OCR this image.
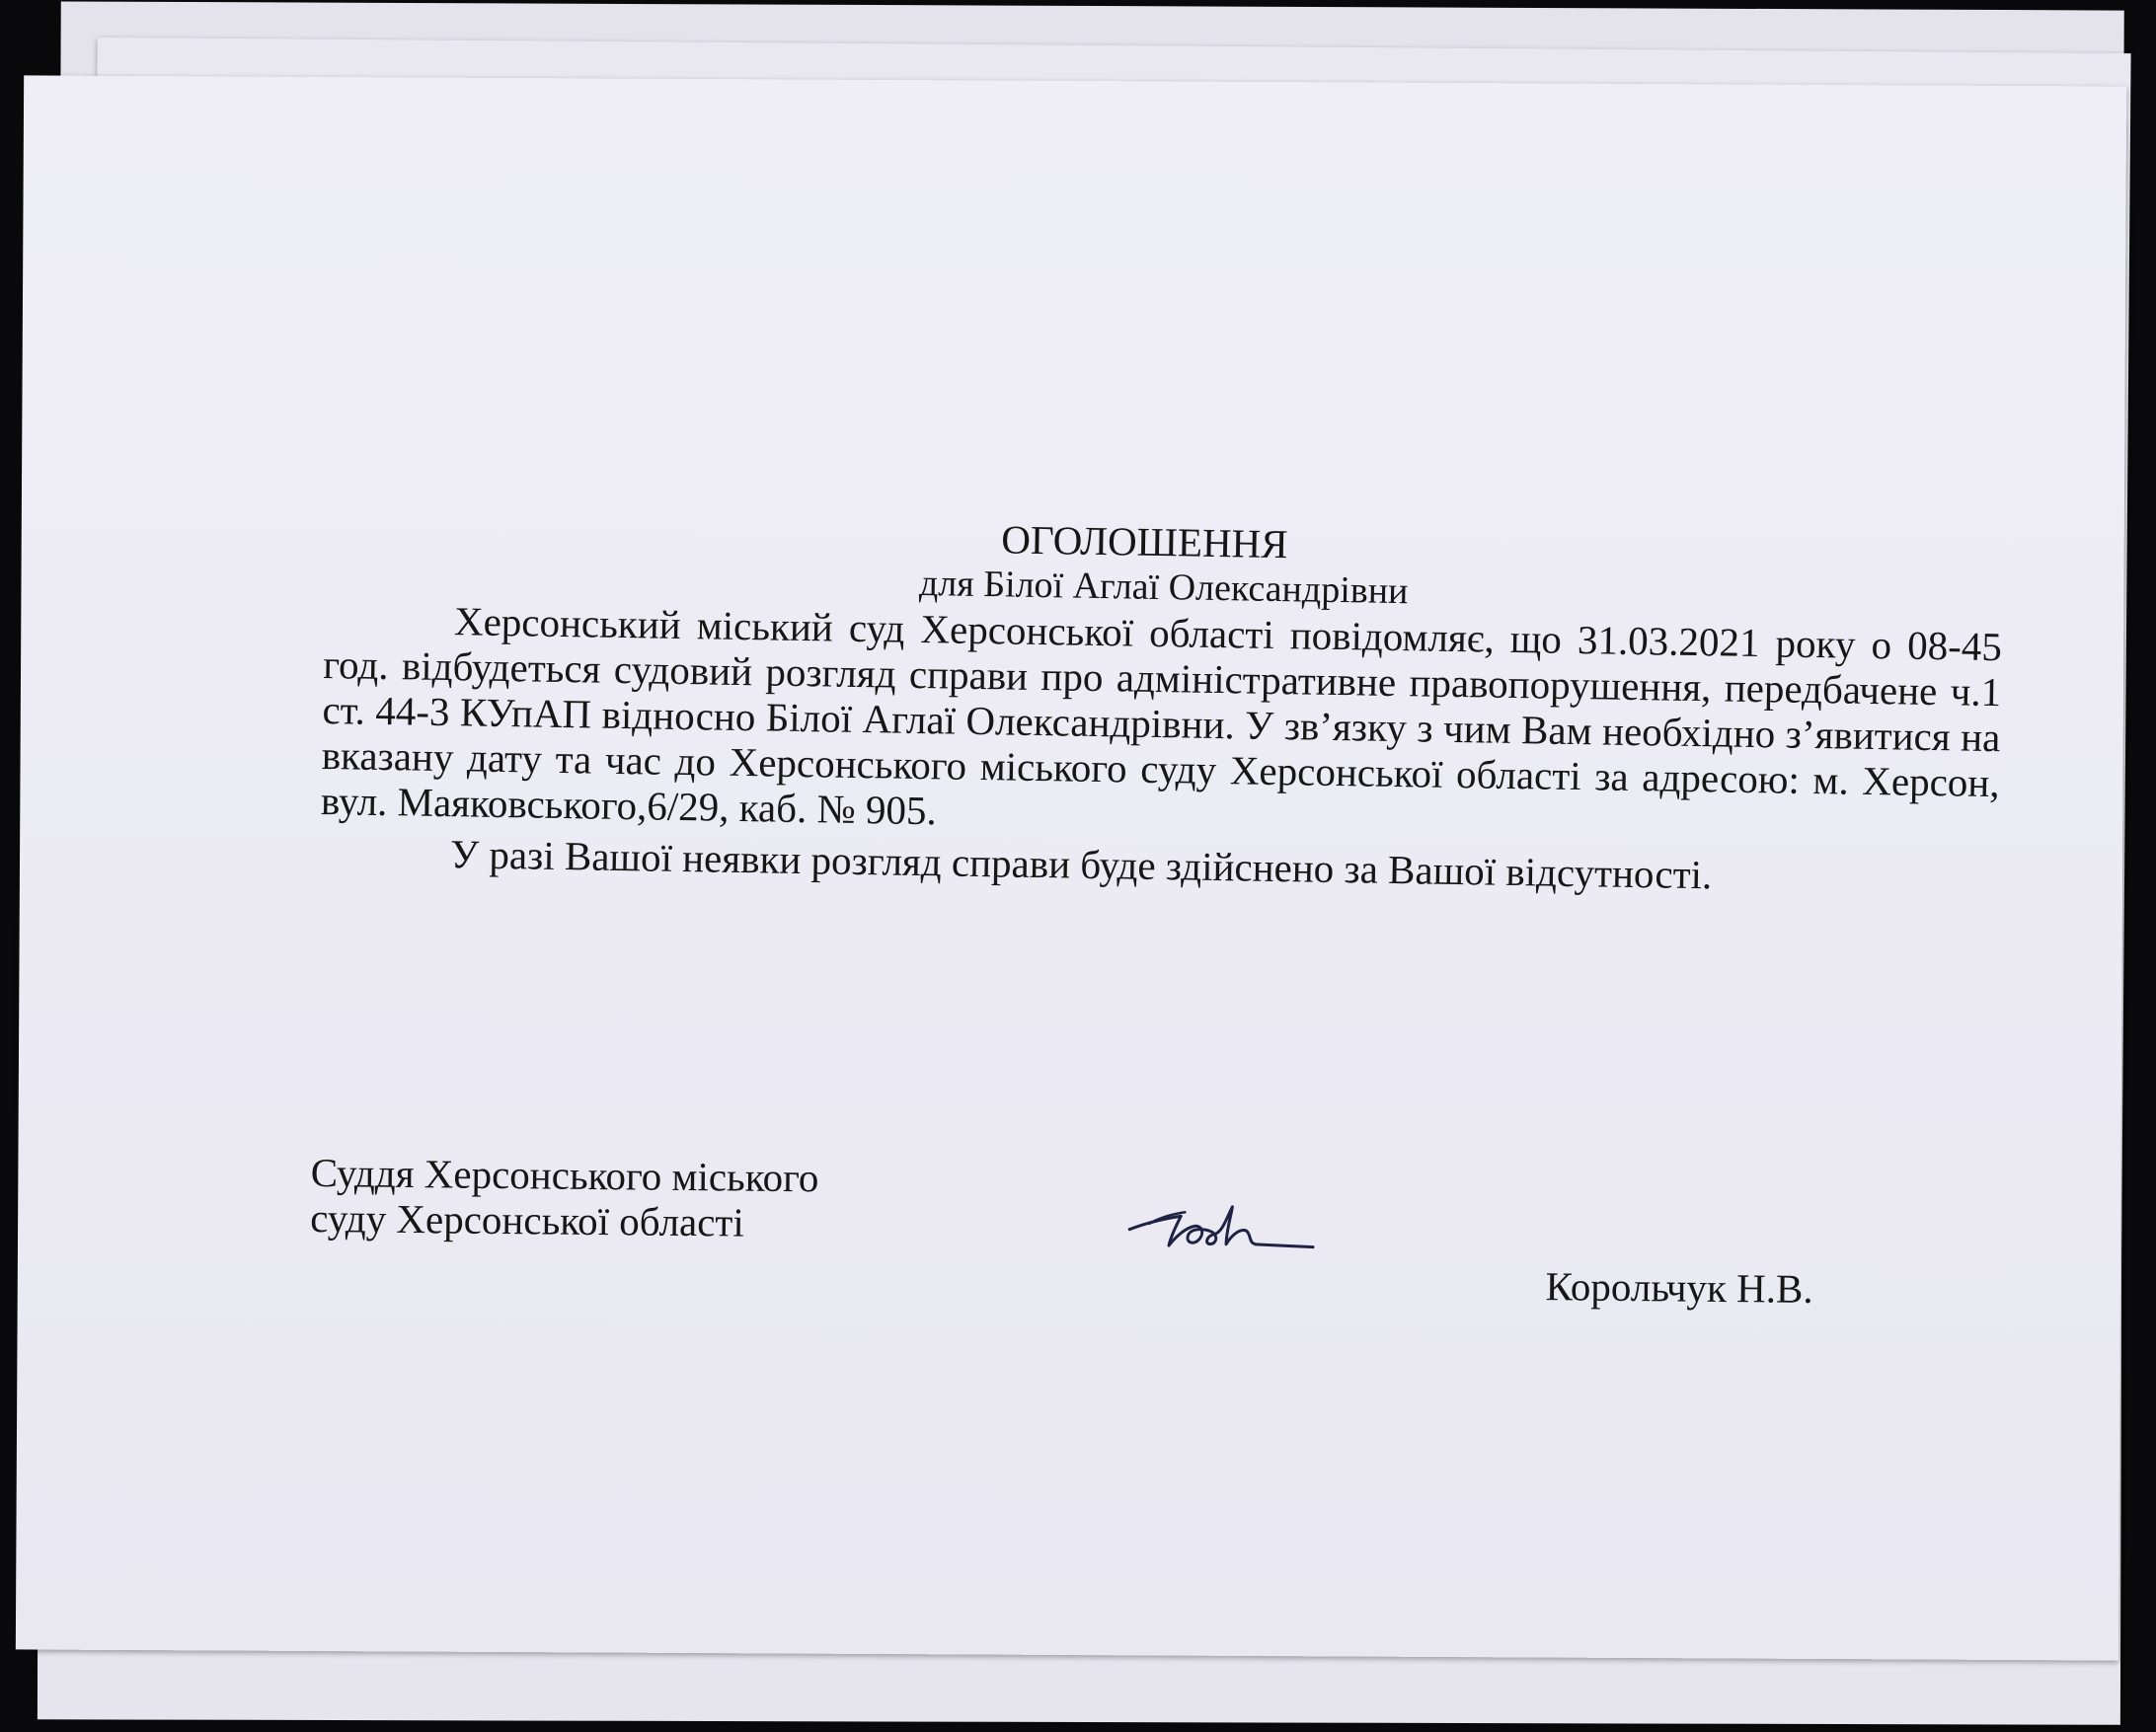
ОГОЛОШЕННЯ

для Білої Аглаї Олександрівни

Херсонський міський суд Херсонської області повідомляє, що 31.03.2021 року о 08-45 год. відбудеться судовий розгляд справи про адміністративне правопорушення, передбачене ч.1 ст. 44-3 КУпАП відносно Білої Аглаї Олександрівни. У зв’язку з чим Вам необхідно з’явитися на вказану дату та час до Херсонського міського суду Херсонської області за адресою: м. Херсон, вул. Маяковського,6/29, каб. № 905.

У разі Вашої неявки розгляд справи буде здійснено за Вашої відсутності.

Суддя Херсонського міського
суду Херсонської області
Корольчук Н.В.
